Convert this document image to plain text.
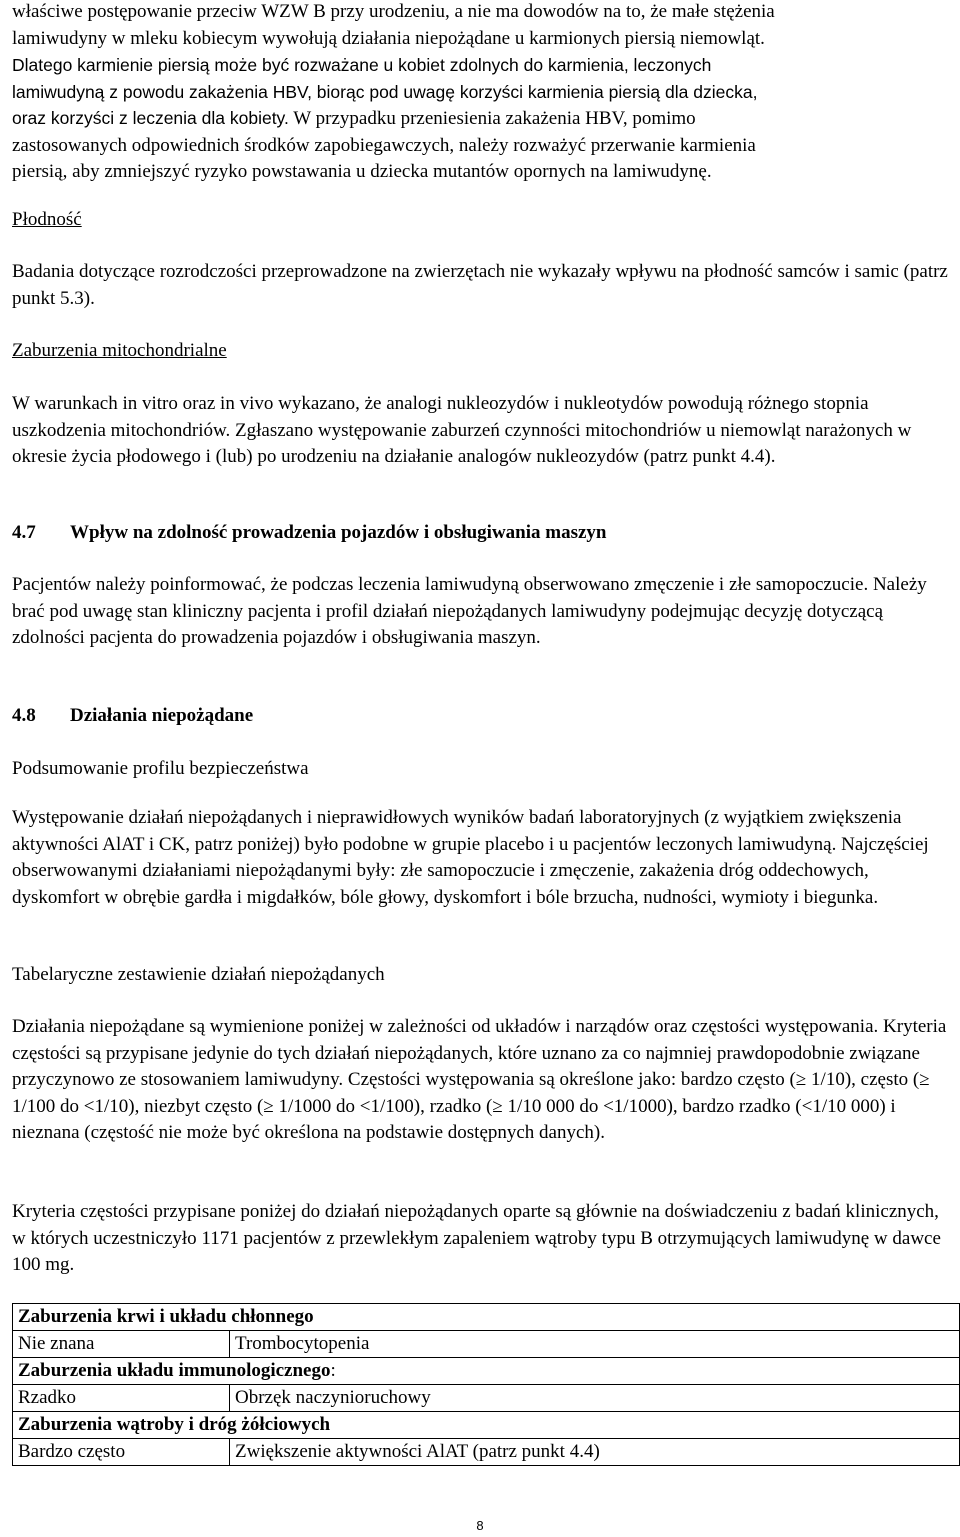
właściwe postępowanie przeciw WZW B przy urodzeniu, a nie ma dowodów na to, że małe stężenia

lamiwudyny w mleku kobiecym wywołują działania niepożądane u karmionych piersią niemowląt.

Dlatego karmienie piersią może być rozważane u kobiet zdolnych do karmienia, leczonych

lamiwudyną z powodu zakażenia HBV, biorąc pod uwagę korzyści karmienia piersią dla dziecka,

oraz korzyści z leczenia dla kobiety. W przypadku przeniesienia zakażenia HBV, pomimo

zastosowanych odpowiednich środków zapobiegawczych, należy rozważyć przerwanie karmienia

piersią, aby zmniejszyć ryzyko powstawania u dziecka mutantów opornych na lamiwudynę.

Płodność

Badania dotyczące rozrodczości przeprowadzone na zwierzętach nie wykazały wpływu na płodność samców i samic (patrz punkt 5.3).

Zaburzenia mitochondrialne

W warunkach in vitro oraz in vivo wykazano, że analogi nukleozydów i nukleotydów powodują różnego stopnia uszkodzenia mitochondriów. Zgłaszano występowanie zaburzeń czynności mitochondriów u niemowląt narażonych w okresie życia płodowego i (lub) po urodzeniu na działanie analogów nukleozydów (patrz punkt 4.4).

4.7	Wpływ na zdolność prowadzenia pojazdów i obsługiwania maszyn

Pacjentów należy poinformować, że podczas leczenia lamiwudyną obserwowano zmęczenie i złe samopoczucie. Należy brać pod uwagę stan kliniczny pacjenta i profil działań niepożądanych lamiwudyny podejmując decyzję dotyczącą zdolności pacjenta do prowadzenia pojazdów i obsługiwania maszyn.

4.8	Działania niepożądane

Podsumowanie profilu bezpieczeństwa

Występowanie działań niepożądanych i nieprawidłowych wyników badań laboratoryjnych (z wyjątkiem zwiększenia aktywności AlAT i CK, patrz poniżej) było podobne w grupie placebo i u pacjentów leczonych lamiwudyną. Najczęściej obserwowanymi działaniami niepożądanymi były: złe samopoczucie i zmęczenie, zakażenia dróg oddechowych, dyskomfort w obrębie gardła i migdałków, bóle głowy, dyskomfort i bóle brzucha, nudności, wymioty i biegunka.

Tabelaryczne zestawienie działań niepożądanych

Działania niepożądane są wymienione poniżej w zależności od układów i narządów oraz częstości występowania. Kryteria częstości są przypisane jedynie do tych działań niepożądanych, które uznano za co najmniej prawdopodobnie związane przyczynowo ze stosowaniem lamiwudyny. Częstości występowania są określone jako: bardzo często (≥ 1/10), często (≥ 1/100 do <1/10), niezbyt często (≥ 1/1000 do <1/100), rzadko (≥ 1/10 000 do <1/1000), bardzo rzadko (<1/10 000) i nieznana (częstość nie może być określona na podstawie dostępnych danych).

Kryteria częstości przypisane poniżej do działań niepożądanych oparte są głównie na doświadczeniu z badań klinicznych, w których uczestniczyło 1171 pacjentów z przewlekłym zapaleniem wątroby typu B otrzymujących lamiwudynę w dawce 100 mg.

Zaburzenia krwi i układu chłonnego	
Nie znana	Trombocytopenia
Zaburzenia układu immunologicznego:	
Rzadko	Obrzęk naczynioruchowy
Zaburzenia wątroby i dróg żółciowych	
Bardzo często	Zwiększenie aktywności AlAT (patrz punkt 4.4)
8
